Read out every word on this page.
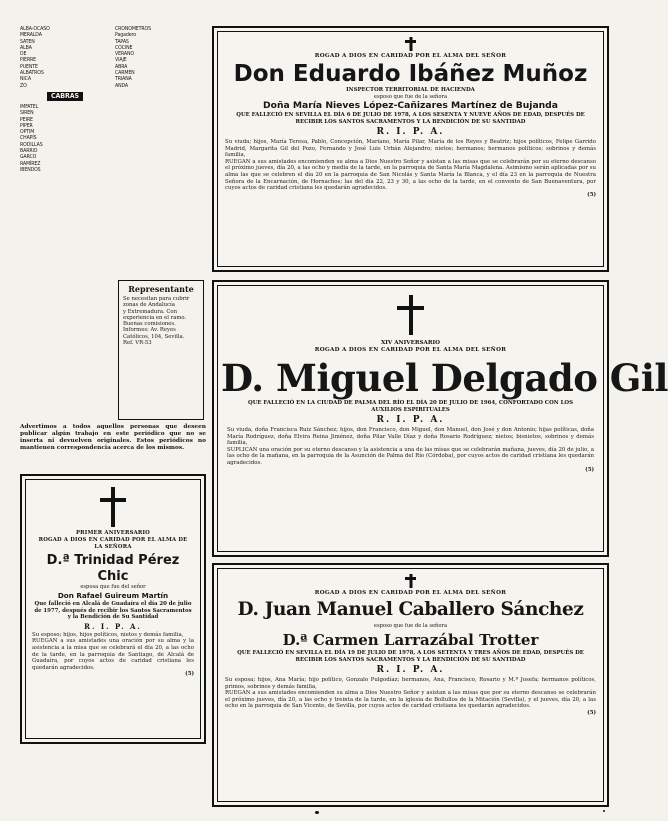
ALBA-OCASO
MERALDA
SATEN
ALBA
DE
PIERRE
PUENTE
ALBATROS
NICA
ZO
CABRAS
IMFATEL
SIREN
PEIRE
PIPER
OPTIM
CHAPÍS
RODILLAS
BARRIO
GARCO
RAMÍREZ
IBENDOS
CRONOMETROS
Pagadero
TAPAS
COCINE
VERANO
VIAJE
ABRA
CARMEN
TRIANA
ANDA
Representante
Se necesitan para cubrir
zonas de Andalucía
y Extremadura. Con
experiencia en el ramo.
Buenas comisiones.
Informes: Av. Reyes
Católicos, 104, Sevilla.
Ref. VR-53
Advertimos a todos aquellos personas que deseen publicar algún trabajo en este periódico que no se inserta ni devuelven originales. Estos periódicos no mantienen correspondencia acerca de los mismos.
ROGAD A DIOS EN CARIDAD POR EL ALMA DEL SEÑOR
Don Eduardo Ibáñez Muñoz
INSPECTOR TERRITORIAL DE HACIENDA
esposo que fue de la señora
Doña María Nieves López-Cañizares Martínez de Bujanda
QUE FALLECIÓ EN SEVILLA EL DÍA 6 DE JULIO DE 1978, A LOS SESENTA Y NUEVE AÑOS DE EDAD, DESPUÉS DE RECIBIR LOS SANTOS SACRAMENTOS Y LA BENDICIÓN DE SU SANTIDAD
R. I. P. A.
Su viuda; hijos, María Teresa, Pablo, Concepción, Mariano, María Pilar, María de los Reyes y Beatriz; hijos políticos, Felipe Garrido Madrid, Margarita Gil del Pozo, Fernando y José Luis Urbán Alejandro; nietos; hermanos; hermanos políticos; sobrinos y demás familia,
RUEGAN a sus amistades encomienden su alma a Dios Nuestro Señor y asistan a las misas que se celebrarán por su eterno descanso el próximo jueves, día 20, a las ocho y media de la tarde, en la parroquia de Santa María Magdalena. Asimismo serán aplicadas por su alma las que se celebren el día 20 en la parroquia de San Nicolás y Santa María la Blanca, y el día 23 en la parroquia de Nuestra Señora de la Encarnación, de Hornachos; las del día 22, 23 y 30, a las ocho de la tarde, en el convento de San Buenaventura, por cuyos actos de caridad cristiana les quedarán agradecidos.
(5)
XIV ANIVERSARIO
ROGAD A DIOS EN CARIDAD POR EL ALMA DEL SEÑOR
D. Miguel Delgado Gil
QUE FALLECIÓ EN LA CIUDAD DE PALMA DEL RÍO EL DÍA 20 DE JULIO DE 1964, CONFORTADO CON LOS AUXILIOS ESPIRITUALES
R. I. P. A.
Su viuda, doña Francisca Ruiz Sánchez; hijos, don Francisco, don Miguel, don Manuel, don José y don Antonio; hijas políticas, doña María Rodríguez, doña Elvira Reina Jiménez, doña Pilar Valle Díaz y doña Rosario Rodríguez; nietos; bisnietos, sobrinos y demás familia,
SUPLICAN una oración por su eterno descanso y la asistencia a una de las misas que se celebrarán mañana, jueves, día 20 de julio, a las ocho de la mañana, en la parroquia de la Asunción de Palma del Río (Córdoba), por cuyos actos de caridad cristiana les quedarán agradecidos.
(5)
PRIMER ANIVERSARIO
ROGAD A DIOS EN CARIDAD POR EL ALMA DE LA SEÑORA
D.ª Trinidad Pérez
Chic
esposa que fue del señor
Don Rafael Guireum Martín
Que falleció en Alcalá de Guadaíra el día 20 de julio de 1977, después de recibir los Santos Sacramentos y la Bendición de Su Santidad
R. I. P. A.
Su esposo; hijos, hijos políticos, nietos y demás familia,
RUEGAN a sus amistades una oración por su alma y la asistencia a la misa que se celebrará el día 20, a las ocho de la tarde, en la parroquia de Santiago, de Alcalá de Guadaíra, por cuyos actos de caridad cristiana les quedarán agradecidos.
(5)
ROGAD A DIOS EN CARIDAD POR EL ALMA DEL SEÑOR
D. Juan Manuel Caballero Sánchez
esposo que fue de la señora
D.ª Carmen Larrazábal Trotter
QUE FALLECIÓ EN SEVILLA EL DÍA 19 DE JULIO DE 1978, A LOS SETENTA Y TRES AÑOS DE EDAD, DESPUÉS DE RECIBIR LOS SANTOS SACRAMENTOS Y LA BENDICIÓN DE SU SANTIDAD
R. I. P. A.
Su esposa; hijos, Ana María; hijo político, Gonzalo Pulgodíaz; hermanos, Ana, Francisco, Rosario y M.ª Josefa; hermanos políticos, primos, sobrinos y demás familia,
RUEGAN a sus amistades encomienden su alma a Dios Nuestro Señor y asistan a las misas que por su eterno descanso se celebrarán el próximo jueves, día 20, a las ocho y treinta de la tarde, en la iglesia de Bollullos de la Mitación (Sevilla), y el jueves, día 20, a las ocho en la parroquia de San Vicente, de Sevilla, por cuyos actos de caridad cristiana les quedarán agradecidos.
(5)
